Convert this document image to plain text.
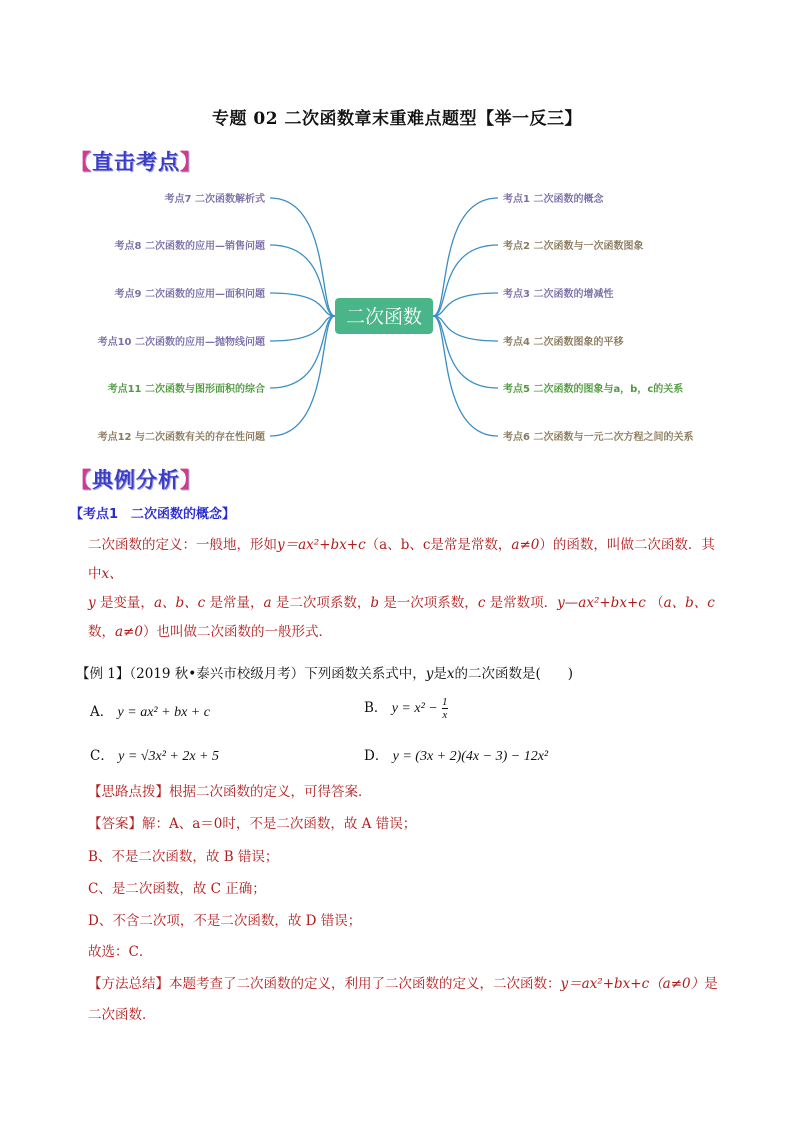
专题 02 二次函数章末重难点题型【举一反三】
【直击考点】
考点7 二次函数解析式
考点8 二次函数的应用—销售问题
考点9 二次函数的应用—面积问题
考点10 二次函数的应用—抛物线问题
考点11 二次函数与图形面积的综合
考点12 与二次函数有关的存在性问题
考点1 二次函数的概念
考点2 二次函数与一次函数图象
考点3 二次函数的增减性
考点4 二次函数图象的平移
考点5 二次函数的图象与a，b，c的关系
考点6 二次函数与一元二次方程之间的关系
二次函数
【典例分析】
【考点1　二次函数的概念】
二次函数的定义：一般地，形如y＝ax²+bx+c（a、b、c是常是常数，a≠0）的函数，叫做二次函数．其中x、
y 是变量，a、b、c 是常量，a 是二次项系数，b 是一次项系数，c 是常数项．y—ax²+bx+c （a、b、c
数，a≠0）也叫做二次函数的一般形式．
【例 1】（2019 秋•泰兴市校级月考）下列函数关系式中，y是x的二次函数是(　　)
A． y = ax² + bx + c	B． $y = x^2 - \frac{1}{x}$
C． y = √3x² + 2x + 5	D． y = (3x + 2)(4x − 3) − 12x²
【思路点拨】根据二次函数的定义，可得答案．
【答案】解：A、a＝0时，不是二次函数，故 A 错误；
B、不是二次函数，故 B 错误；
C、是二次函数，故 C 正确；
D、不含二次项，不是二次函数，故 D 错误；
故选：C．
【方法总结】本题考查了二次函数的定义，利用了二次函数的定义，二次函数：y＝ax²+bx+c（a≠0）是
二次函数．
